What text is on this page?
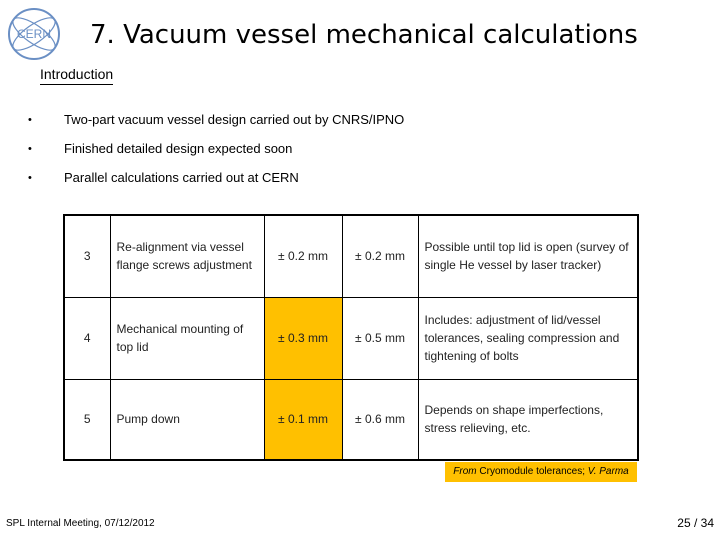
CERN 7. Vacuum vessel mechanical calculations
Introduction
• Two-part vacuum vessel design carried out by CNRS/IPNO
• Finished detailed design expected soon
• Parallel calculations carried out at CERN
3	Re-alignment via vessel flange screws adjustment	± 0.2 mm	± 0.2 mm	Possible until top lid is open (survey of single He vessel by laser tracker)
4	Mechanical mounting of top lid	± 0.3 mm	± 0.5 mm	Includes: adjustment of lid/vessel tolerances, sealing compression and tightening of bolts
5	Pump down	± 0.1 mm	± 0.6 mm	Depends on shape imperfections, stress relieving, etc.
From Cryomodule tolerances; V. Parma
SPL Internal Meeting, 07/12/2012	25 / 34
